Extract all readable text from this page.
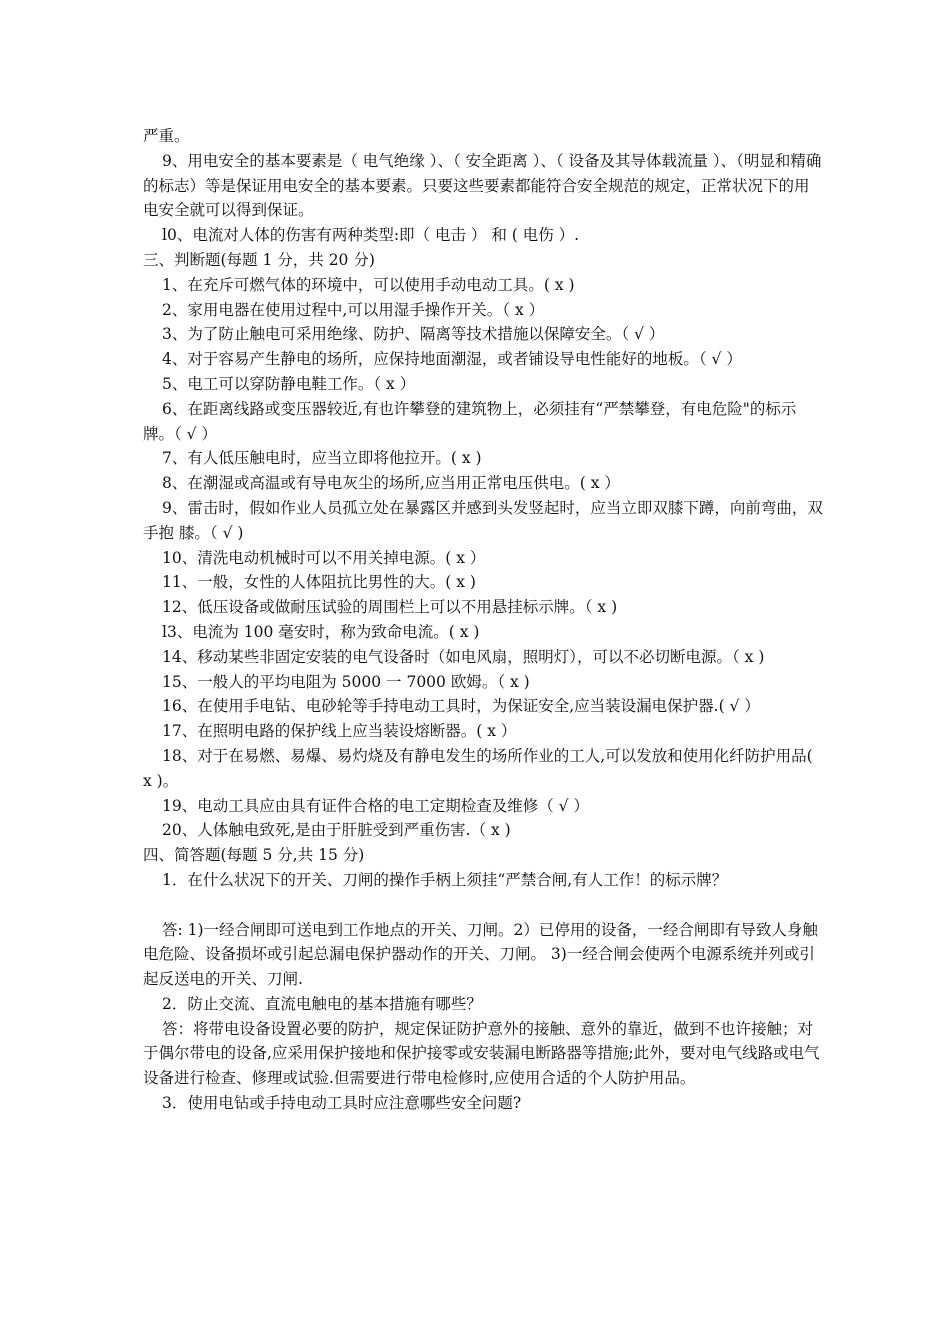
严重。

9、用电安全的基本要素是（ 电气绝缘 ）、（ 安全距离 ）、（ 设备及其导体载流量 ）、（明显和精确的标志）等是保证用电安全的基本要素。只要这些要素都能符合安全规范的规定，正常状况下的用电安全就可以得到保证。

l0、电流对人体的伤害有两种类型:即（ 电击 ） 和 ( 电伤 ）.

三、判断题(每题 1 分，共 20 分)

1、在充斥可燃气体的环境中，可以使用手动电动工具。( x )

2、家用电器在使用过程中,可以用湿手操作开关。（ x ）

3、为了防止触电可采用绝缘、防护、隔离等技术措施以保障安全。（ √ ）

4、对于容易产生静电的场所，应保持地面潮湿，或者铺设导电性能好的地板。（ √ ）

5、电工可以穿防静电鞋工作。（ x ）

6、在距离线路或变压器较近,有也许攀登的建筑物上，必须挂有“严禁攀登，有电危险"的标示牌。（ √ ）

7、有人低压触电时，应当立即将他拉开。( x )

8、在潮湿或高温或有导电灰尘的场所,应当用正常电压供电。( x ）

9、雷击时，假如作业人员孤立处在暴露区并感到头发竖起时，应当立即双膝下蹲，向前弯曲，双手抱 膝。（ √ )

10、清洗电动机械时可以不用关掉电源。( x ）

11、一般，女性的人体阻抗比男性的大。( x )

12、低压设备或做耐压试验的周围栏上可以不用悬挂标示牌。（ x )

l3、电流为 100 毫安时，称为致命电流。( x )

14、移动某些非固定安装的电气设备时（如电风扇，照明灯），可以不必切断电源。（ x )

15、一般人的平均电阻为 5000 一 7000 欧姆。（ x )

16、在使用手电钻、电砂轮等手持电动工具时，为保证安全,应当装设漏电保护器.( √ ）

17、在照明电路的保护线上应当装设熔断器。( x ）

18、对于在易燃、易爆、易灼烧及有静电发生的场所作业的工人,可以发放和使用化纤防护用品( x )。

19、电动工具应由具有证件合格的电工定期检查及维修（ √ ）

20、人体触电致死,是由于肝脏受到严重伤害.（ x )

四、简答题(每题 5 分,共 15 分)

1．在什么状况下的开关、刀闸的操作手柄上须挂“严禁合闸,有人工作！的标示牌？

答: 1)一经合闸即可送电到工作地点的开关、刀闸。2）已停用的设备，一经合闸即有导致人身触电危险、设备损坏或引起总漏电保护器动作的开关、刀闸。 3)一经合闸会使两个电源系统并列或引起反送电的开关、刀闸.

2．防止交流、直流电触电的基本措施有哪些？

答：将带电设备设置必要的防护，规定保证防护意外的接触、意外的靠近，做到不也许接触；对于偶尔带电的设备,应采用保护接地和保护接零或安装漏电断路器等措施;此外，要对电气线路或电气设备进行检查、修理或试验.但需要进行带电检修时,应使用合适的个人防护用品。

3．使用电钻或手持电动工具时应注意哪些安全问题?
